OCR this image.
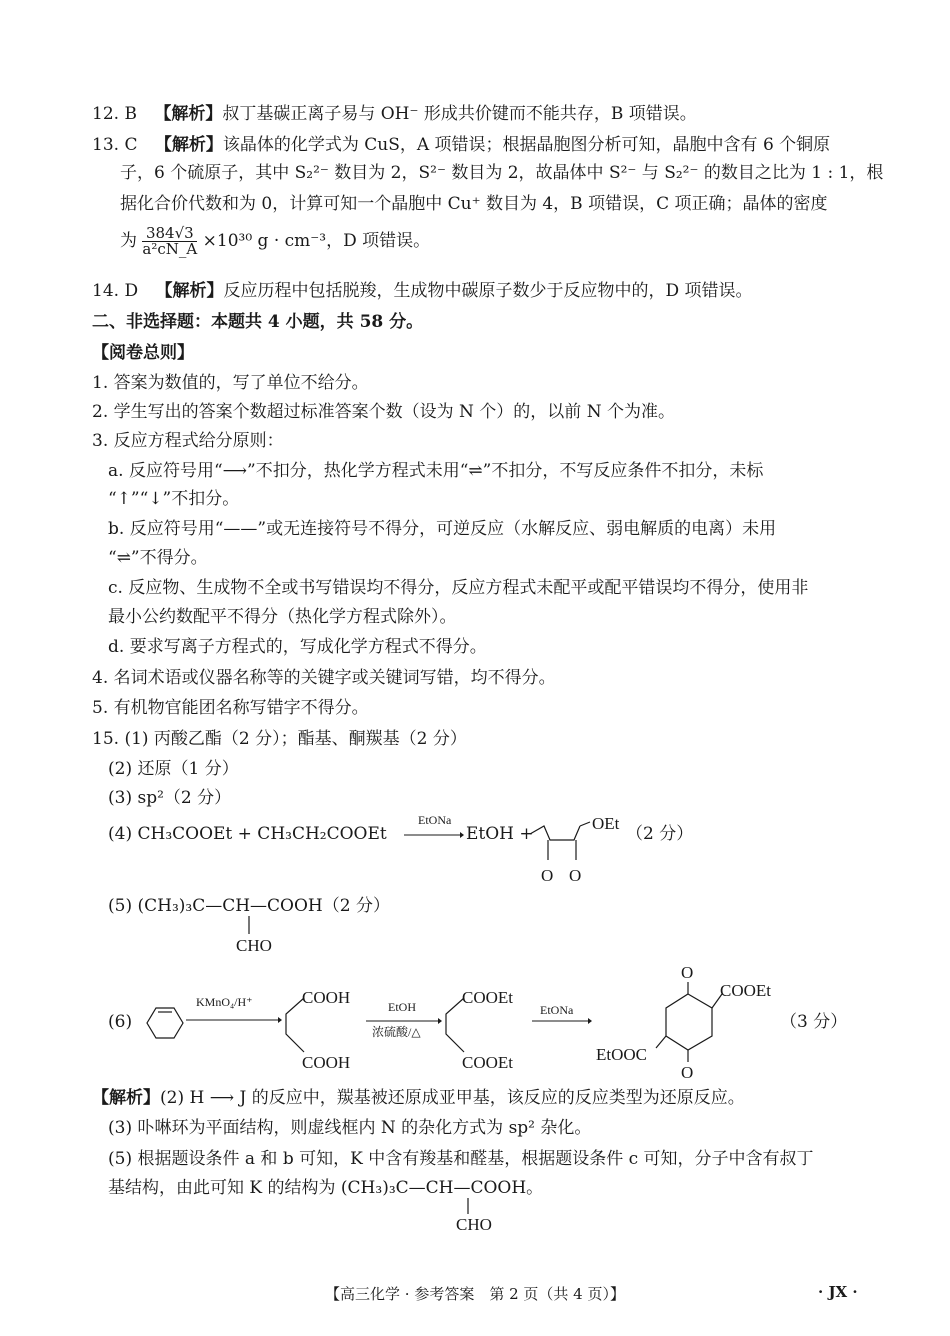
12. B 【解析】叔丁基碳正离子易与 OH⁻ 形成共价键而不能共存，B 项错误。
13. C 【解析】该晶体的化学式为 CuS，A 项错误；根据晶胞图分析可知，晶胞中含有 6 个铜原
子，6 个硫原子，其中 S₂²⁻ 数目为 2，S²⁻ 数目为 2，故晶体中 S²⁻ 与 S₂²⁻ 的数目之比为 1 : 1，根
据化合价代数和为 0，计算可知一个晶胞中 Cu⁺ 数目为 4，B 项错误，C 项正确；晶体的密度
为 $\frac{384√3}{\text{a²cN\_A}} \times 10^{30}$ g · cm⁻³，D 项错误。
14. D 【解析】反应历程中包括脱羧，生成物中碳原子数少于反应物中的，D 项错误。
二、非选择题：本题共 4 小题，共 58 分。
【阅卷总则】
1. 答案为数值的，写了单位不给分。
2. 学生写出的答案个数超过标准答案个数（设为 N 个）的，以前 N 个为准。
3. 反应方程式给分原则：
a. 反应符号用“⟶”不扣分，热化学方程式未用“⇌”不扣分，不写反应条件不扣分，未标
“↑”“↓”不扣分。
b. 反应符号用“——”或无连接符号不得分，可逆反应（水解反应、弱电解质的电离）未用
“⇌”不得分。
c. 反应物、生成物不全或书写错误均不得分，反应方程式未配平或配平错误均不得分，使用非
最小公约数配平不得分（热化学方程式除外）。
d. 要求写离子方程式的，写成化学方程式不得分。
4. 名词术语或仪器名称等的关键字或关键词写错，均不得分。
5. 有机物官能团名称写错字不得分。
15. (1) 丙酸乙酯（2 分）；酯基、酮羰基（2 分）
(2) 还原（1 分）
(3) sp²（2 分）
(4) CH₃COOEt + CH₃CH₂COOEt
EtONa
→ EtOH +
OEt
（2 分）
O O
(5) (CH₃)₃C—CH—COOH（2 分）
CHO
(6)
KMnO₄/H⁺	COOH
COOH
EtOH
浓硫酸/△
COOEt
COOEt
EtONa
O
COOEt
EtOOC
O
（3 分）
【解析】(2) H ⟶ J 的反应中，羰基被还原成亚甲基，该反应的反应类型为还原反应。
(3) 卟啉环为平面结构，则虚线框内 N 的杂化方式为 sp² 杂化。
(5) 根据题设条件 a 和 b 可知，K 中含有羧基和醛基，根据题设条件 c 可知，分子中含有叔丁
基结构，由此可知 K 的结构为 (CH₃)₃C—CH—COOH。
CHO
【高三化学 · 参考答案　第 2 页（共 4 页）】	· JX ·
